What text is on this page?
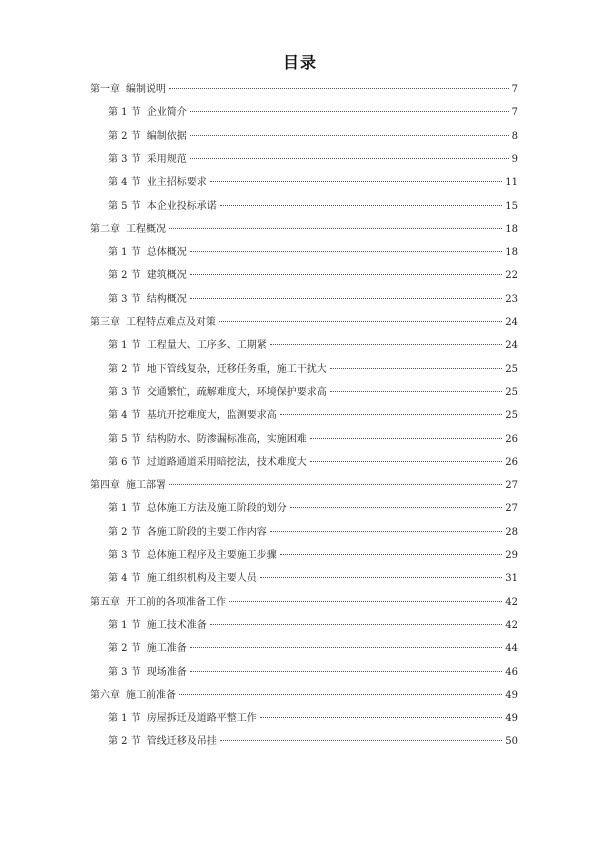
目录
第一章 编制说明	7
第 1 节 企业简介	7
第 2 节 编制依据	8
第 3 节 采用规范	9
第 4 节 业主招标要求	11
第 5 节 本企业投标承诺	15
第二章 工程概况	18
第 1 节 总体概况	18
第 2 节 建筑概况	22
第 3 节 结构概况	23
第三章 工程特点难点及对策	24
第 1 节 工程量大、工序多、工期紧	24
第 2 节 地下管线复杂，迁移任务重，施工干扰大	25
第 3 节 交通繁忙，疏解难度大，环境保护要求高	25
第 4 节 基坑开挖难度大，监测要求高	25
第 5 节 结构防水、防渗漏标准高，实施困难	26
第 6 节 过道路通道采用暗挖法，技术难度大	26
第四章 施工部署	27
第 1 节 总体施工方法及施工阶段的划分	27
第 2 节 各施工阶段的主要工作内容	28
第 3 节 总体施工程序及主要施工步骤	29
第 4 节 施工组织机构及主要人员	31
第五章 开工前的各项准备工作	42
第 1 节 施工技术准备	42
第 2 节 施工准备	44
第 3 节 现场准备	46
第六章 施工前准备	49
第 1 节 房屋拆迁及道路平整工作	49
第 2 节 管线迁移及吊挂	50
